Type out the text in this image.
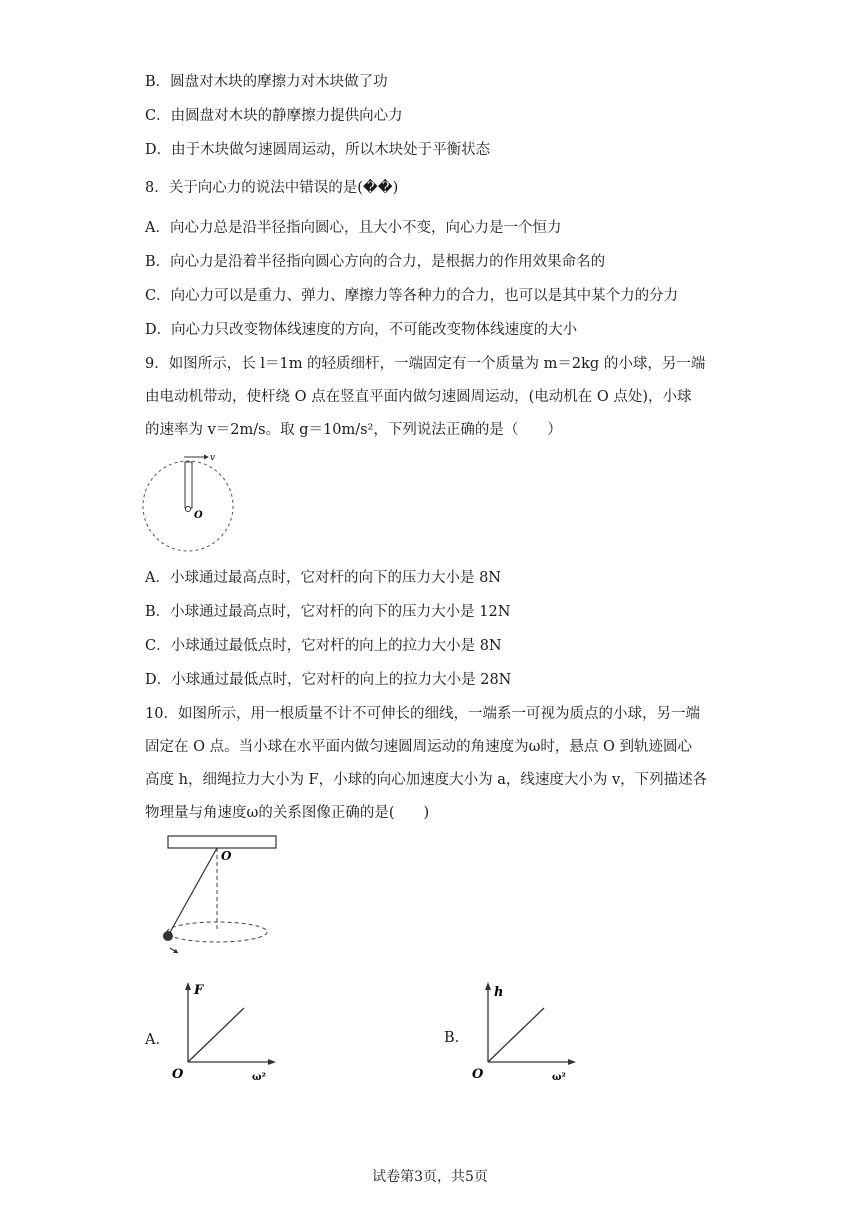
B．圆盘对木块的摩擦力对木块做了功
C．由圆盘对木块的静摩擦力提供向心力
D．由于木块做匀速圆周运动，所以木块处于平衡状态
8．关于向心力的说法中错误的是(��)
A．向心力总是沿半径指向圆心，且大小不变，向心力是一个恒力
B．向心力是沿着半径指向圆心方向的合力，是根据力的作用效果命名的
C．向心力可以是重力、弹力、摩擦力等各种力的合力，也可以是其中某个力的分力
D．向心力只改变物体线速度的方向，不可能改变物体线速度的大小
9．如图所示，长 l＝1m 的轻质细杆，一端固定有一个质量为 m＝2kg 的小球，另一端
由电动机带动，使杆绕 O 点在竖直平面内做匀速圆周运动，(电动机在 O 点处)，小球
的速率为 v＝2m/s。取 g＝10m/s²，下列说法正确的是（　　）
v
O
A．小球通过最高点时，它对杆的向下的压力大小是 8N
B．小球通过最高点时，它对杆的向下的压力大小是 12N
C．小球通过最低点时，它对杆的向上的拉力大小是 8N
D．小球通过最低点时，它对杆的向上的拉力大小是 28N
10．如图所示，用一根质量不计不可伸长的细线，一端系一可视为质点的小球，另一端
固定在 O 点。当小球在水平面内做匀速圆周运动的角速度为ω时，悬点 O 到轨迹圆心
高度 h，细绳拉力大小为 F，小球的向心加速度大小为 a，线速度大小为 v，下列描述各
物理量与角速度ω的关系图像正确的是(　　)
O
A．
F
O	ω²
B．
h
O	ω²
试卷第3页，共5页
